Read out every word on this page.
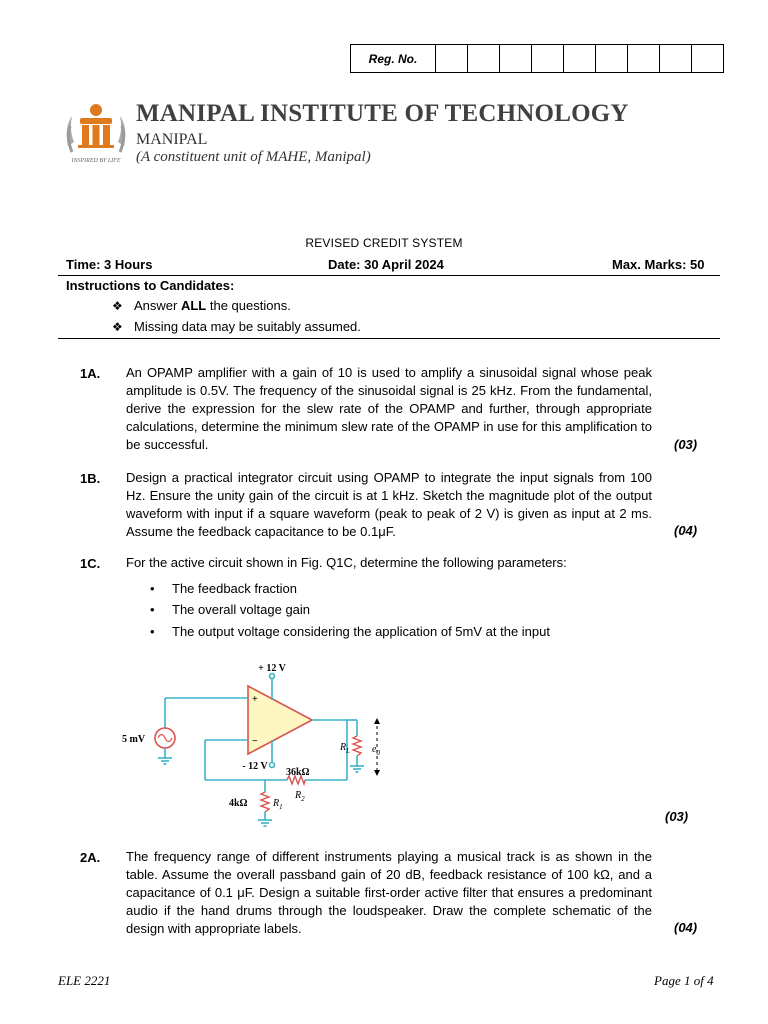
Reg. No.
INSPIRED BY LIFE
MANIPAL INSTITUTE OF TECHNOLOGY
MANIPAL
(A constituent unit of MAHE, Manipal)
REVISED CREDIT SYSTEM
Time: 3 Hours	Date: 30 April 2024	Max. Marks: 50
Instructions to Candidates:
❖ Answer ALL the questions.
❖ Missing data may be suitably assumed.
1A. An OPAMP amplifier with a gain of 10 is used to amplify a sinusoidal signal whose peak amplitude is 0.5V. The frequency of the sinusoidal signal is 25 kHz. From the fundamental, derive the expression for the slew rate of the OPAMP and further, through appropriate calculations, determine the minimum slew rate of the OPAMP in use for this amplification to be successful.	(03)
1B. Design a practical integrator circuit using OPAMP to integrate the input signals from 100 Hz. Ensure the unity gain of the circuit is at 1 kHz. Sketch the magnitude plot of the output waveform with input if a square waveform (peak to peak of 2 V) is given as input at 2 ms. Assume the feedback capacitance to be 0.1μF.	(04)
1C. For the active circuit shown in Fig. Q1C, determine the following parameters:
• The feedback fraction
• The overall voltage gain
• The output voltage considering the application of 5mV at the input
+ 12 V
- 12 V
5 mV
+
−
36kΩ
$R_2$
4kΩ	$R_1$
$R_L$ $e_0$
(03)
2A. The frequency range of different instruments playing a musical track is as shown in the table. Assume the overall passband gain of 20 dB, feedback resistance of 100 kΩ, and a capacitance of 0.1 μF. Design a suitable first-order active filter that ensures a predominant audio if the hand drums through the loudspeaker. Draw the complete schematic of the design with appropriate labels.	(04)
ELE 2221	Page 1 of 4
